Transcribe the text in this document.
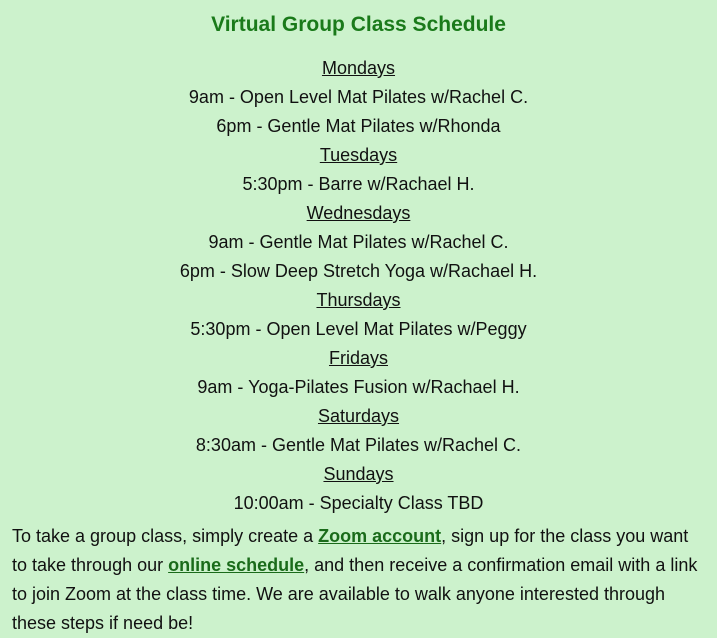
Virtual Group Class Schedule
Mondays
9am - Open Level Mat Pilates w/Rachel C.
6pm - Gentle Mat Pilates w/Rhonda
Tuesdays
5:30pm - Barre w/Rachael H.
Wednesdays
9am - Gentle Mat Pilates w/Rachel C.
6pm - Slow Deep Stretch Yoga w/Rachael H.
Thursdays
5:30pm - Open Level Mat Pilates w/Peggy
Fridays
9am - Yoga-Pilates Fusion w/Rachael H.
Saturdays
8:30am - Gentle Mat Pilates w/Rachel C.
Sundays
10:00am - Specialty Class TBD

To take a group class, simply create a Zoom account, sign up for the class you want to take through our online schedule, and then receive a confirmation email with a link to join Zoom at the class time. We are available to walk anyone interested through these steps if need be!
